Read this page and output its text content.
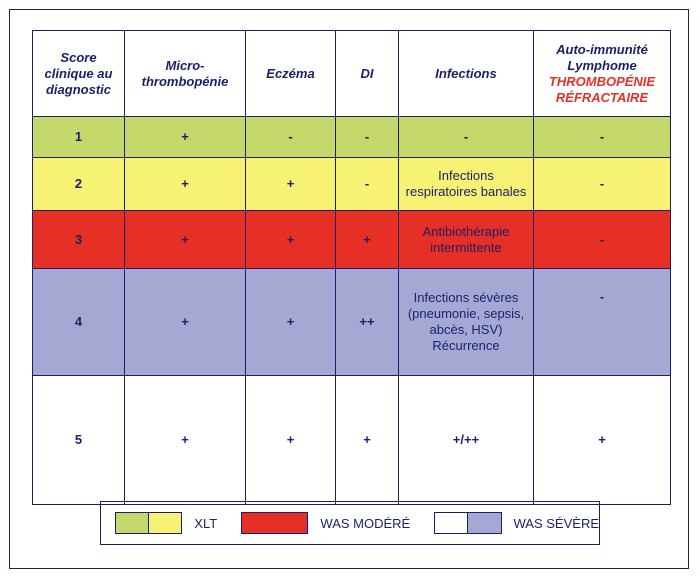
Score clinique au diagnostic	Micro-thrombopénie	Eczéma	DI	Infections	Auto-immunité
Lymphome
THROMBOPÉNIE RÉFRACTAIRE

1	+	-	-	-	-
2	+	+	-	Infections respiratoires banales	-
3	+	+	+	Antibiothérapie intermittente	-
4	+	+	++	Infections sévères (pneumonie, sepsis, abcès, HSV) Récurrence	-
5	+	+	+	+/++	+
XLT	WAS MODÉRÉ	WAS SÉVÈRE
